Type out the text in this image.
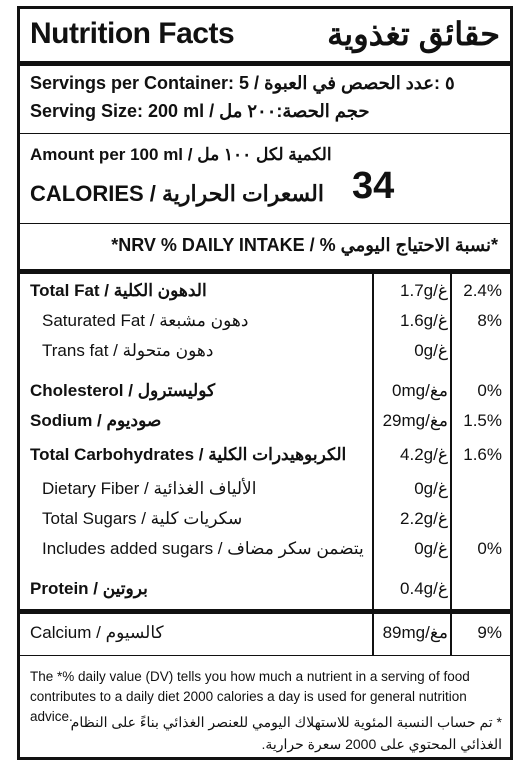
Nutrition Facts	حقائق تغذوية
Servings per Container: 5 / ٥ :عدد الحصص في العبوة
Serving Size: 200 ml / حجم الحصة:٢٠٠ مل
Amount per 100 ml / الكمية لكل ١٠٠ مل
CALORIES / السعرات الحرارية 34
*NRV % DAILY INTAKE / % نسبة الاحتياج اليومي*
Total Fat / الدهون الكلية	1.7g/غ 2.4%
Saturated Fat / دهون مشبعة	1.6g/غ	8%
Trans fat / دهون متحولة	0g/غ
Cholesterol / كوليسترول	0mg/مغ	0%
Sodium / صوديوم	29mg/مغ 1.5%
Total Carbohydrates / الكربوهيدرات الكلية	4.2g/غ 1.6%
Dietary Fiber / الألياف الغذائية	0g/غ
Total Sugars / سكريات كلية	2.2g/غ
Includes added sugars / يتضمن سكر مضاف	0g/غ	0%
Protein / بروتين	0.4g/غ
Calcium / كالسيوم	89mg/مغ	9%
The *% daily value (DV) tells you how much a nutrient in a serving of food contributes to a daily diet 2000 calories a day is used for general nutrition advice.
* تم حساب النسبة المئوية للاستهلاك اليومي للعنصر الغذائي بناءً على النظام الغذائي المحتوي على 2000 سعرة حرارية.
